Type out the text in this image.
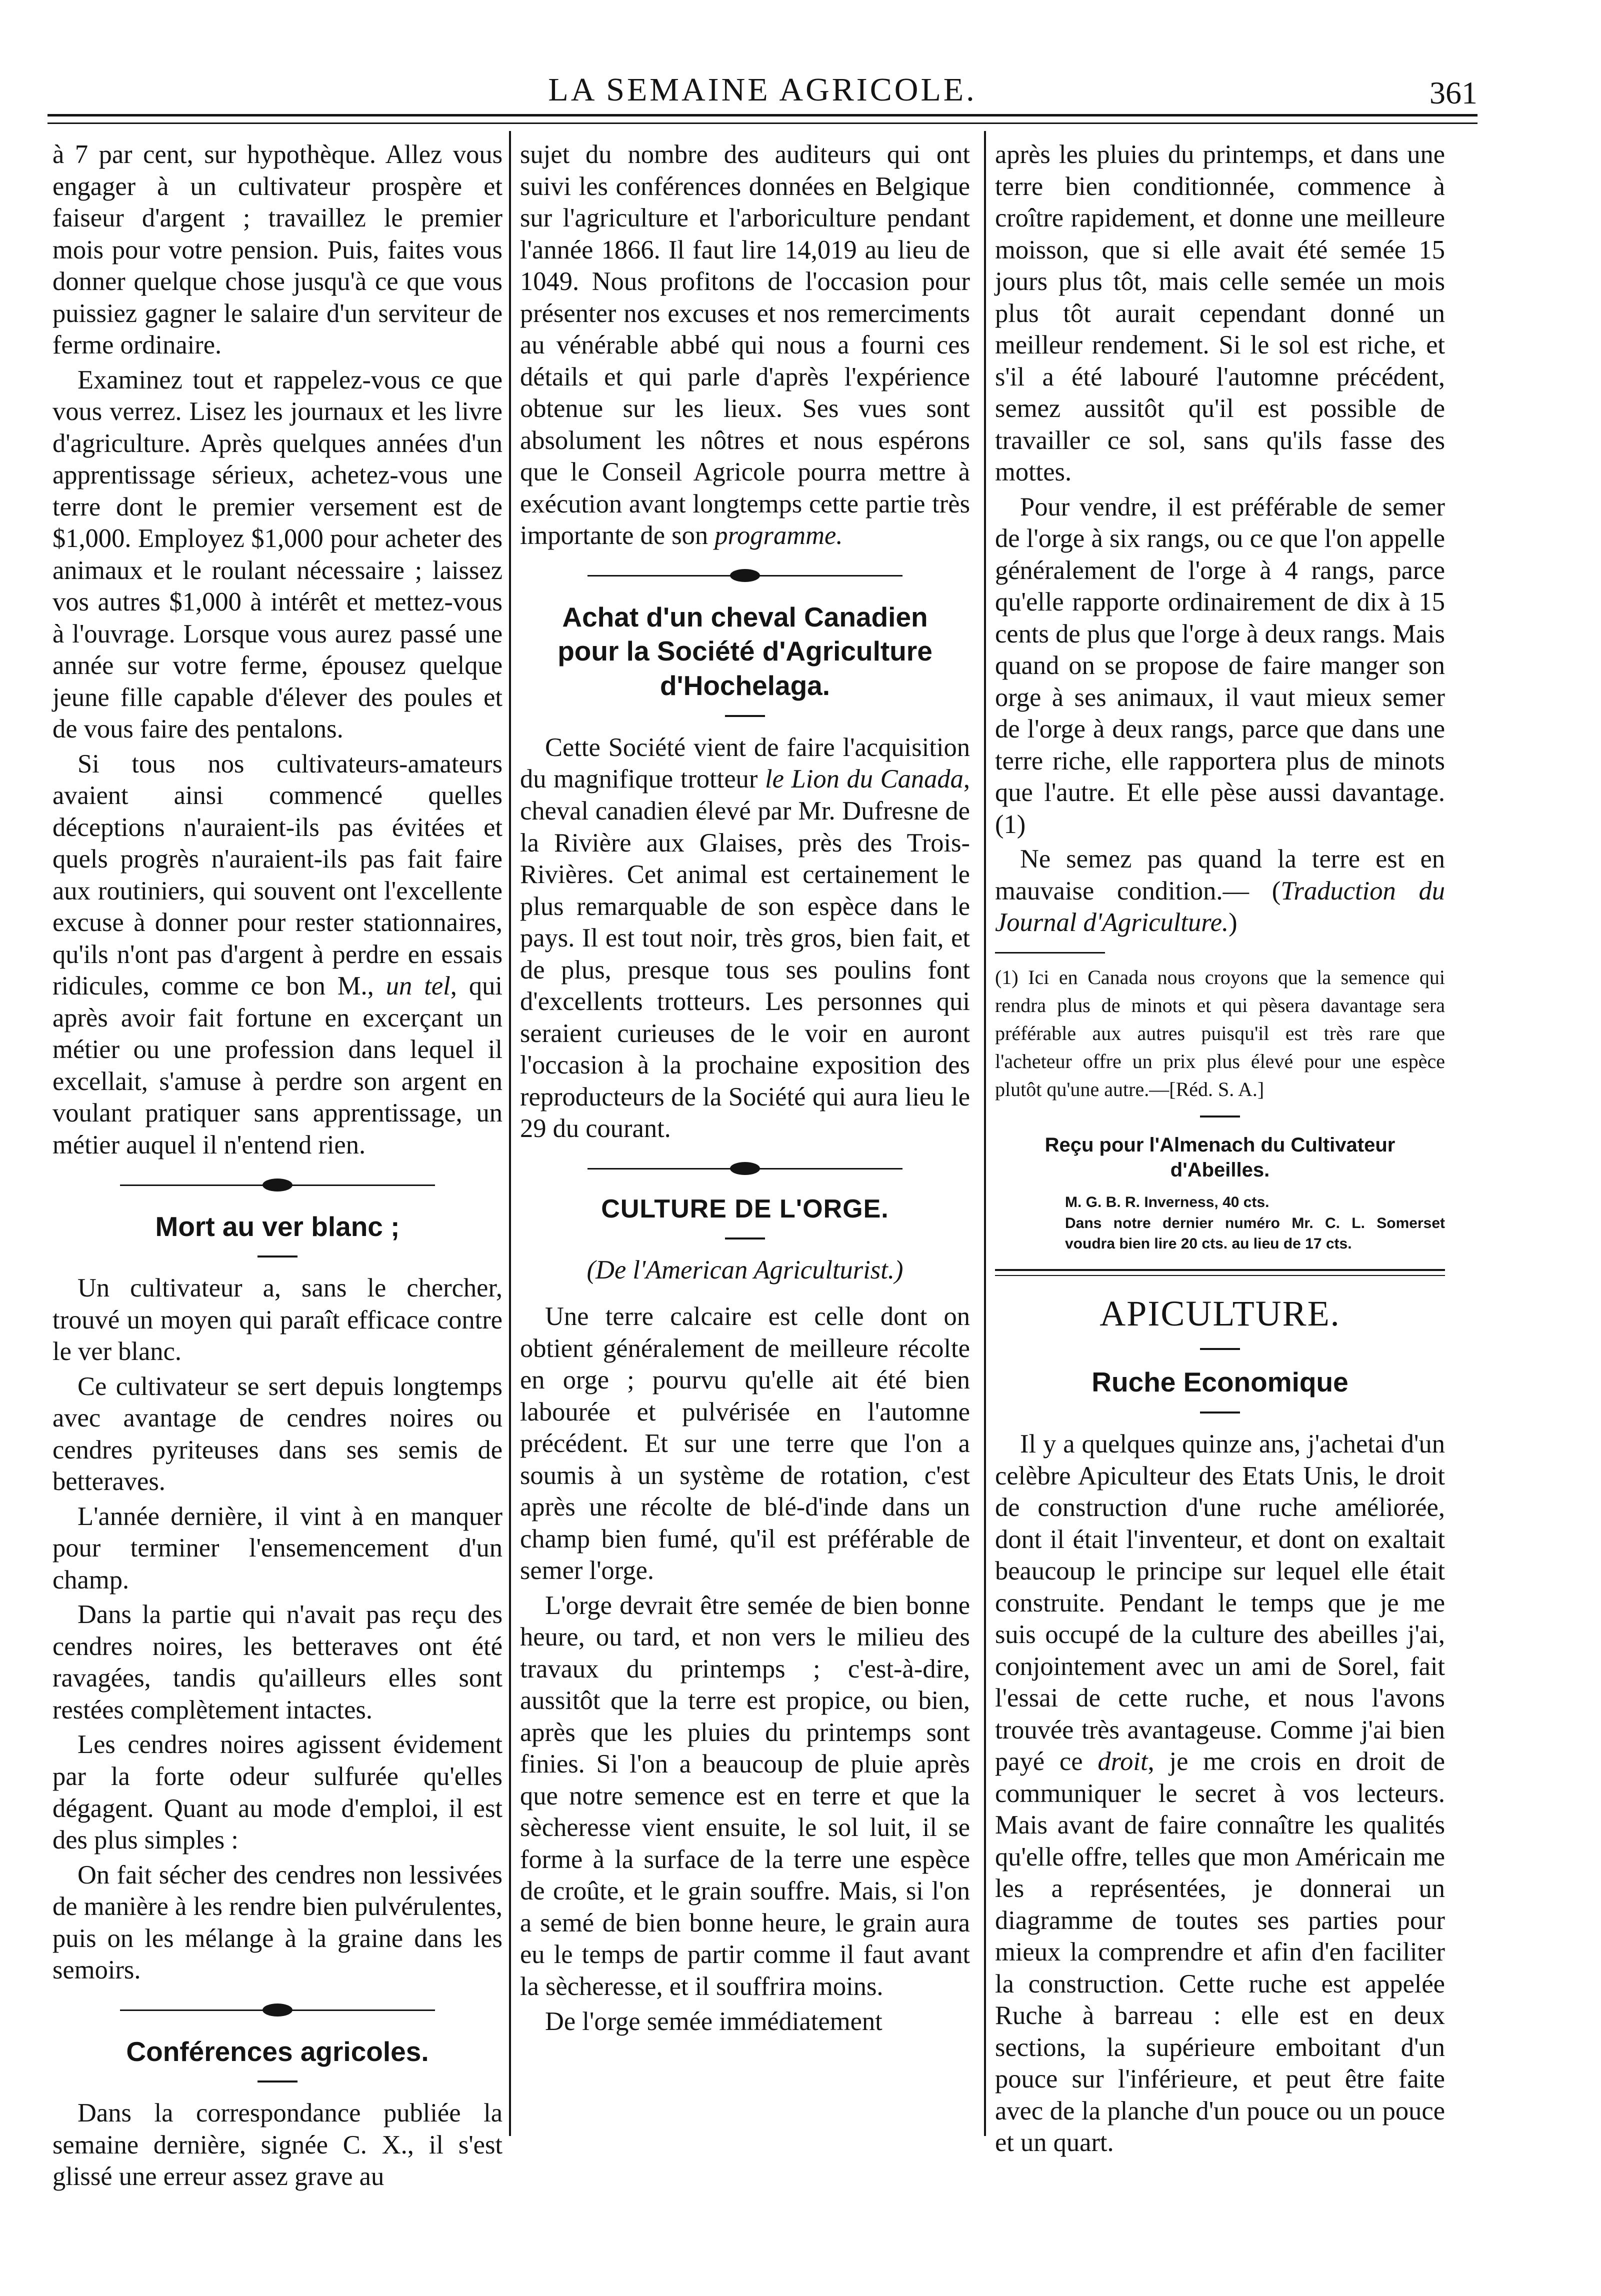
LA SEMAINE AGRICOLE.	361

à 7 par cent, sur hypothèque. Allez vous engager à un cultivateur prospère et faiseur d'argent ; travaillez le premier mois pour votre pension. Puis, faites vous donner quelque chose jusqu'à ce que vous puissiez gagner le salaire d'un serviteur de ferme ordinaire.

Examinez tout et rappelez-vous ce que vous verrez. Lisez les journaux et les livre d'agriculture. Après quelques années d'un apprentissage sérieux, achetez-vous une terre dont le premier versement est de $1,000. Employez $1,000 pour acheter des animaux et le roulant nécessaire ; laissez vos autres $1,000 à intérêt et mettez-vous à l'ouvrage. Lorsque vous aurez passé une année sur votre ferme, épousez quelque jeune fille capable d'élever des poules et de vous faire des pentalons.

Si tous nos cultivateurs-amateurs avaient ainsi commencé quelles déceptions n'auraient-ils pas évitées et quels progrès n'auraient-ils pas fait faire aux routiniers, qui souvent ont l'excellente excuse à donner pour rester stationnaires, qu'ils n'ont pas d'argent à perdre en essais ridicules, comme ce bon M., un tel, qui après avoir fait fortune en excerçant un métier ou une profession dans lequel il excellait, s'amuse à perdre son argent en voulant pratiquer sans apprentissage, un métier auquel il n'entend rien.

Mort au ver blanc ;

Un cultivateur a, sans le chercher, trouvé un moyen qui paraît efficace contre le ver blanc.

Ce cultivateur se sert depuis longtemps avec avantage de cendres noires ou cendres pyriteuses dans ses semis de betteraves.

L'année dernière, il vint à en manquer pour terminer l'ensemencement d'un champ.

Dans la partie qui n'avait pas reçu des cendres noires, les betteraves ont été ravagées, tandis qu'ailleurs elles sont restées complètement intactes.

Les cendres noires agissent évidement par la forte odeur sulfurée qu'elles dégagent. Quant au mode d'emploi, il est des plus simples :

On fait sécher des cendres non lessivées de manière à les rendre bien pulvérulentes, puis on les mélange à la graine dans les semoirs.

Conférences agricoles.

Dans la correspondance publiée la semaine dernière, signée C. X., il s'est glissé une erreur assez grave au

sujet du nombre des auditeurs qui ont suivi les conférences données en Belgique sur l'agriculture et l'arboriculture pendant l'année 1866. Il faut lire 14,019 au lieu de 1049. Nous profitons de l'occasion pour présenter nos excuses et nos remerciments au vénérable abbé qui nous a fourni ces détails et qui parle d'après l'expérience obtenue sur les lieux. Ses vues sont absolument les nôtres et nous espérons que le Conseil Agricole pourra mettre à exécution avant longtemps cette partie très importante de son programme.

Achat d'un cheval Canadien pour la Société d'Agriculture d'Hochelaga.

Cette Société vient de faire l'acquisition du magnifique trotteur le Lion du Canada, cheval canadien élevé par Mr. Dufresne de la Rivière aux Glaises, près des Trois-Rivières. Cet animal est certainement le plus remarquable de son espèce dans le pays. Il est tout noir, très gros, bien fait, et de plus, presque tous ses poulins font d'excellents trotteurs. Les personnes qui seraient curieuses de le voir en auront l'occasion à la prochaine exposition des reproducteurs de la Société qui aura lieu le 29 du courant.

CULTURE DE L'ORGE.
(De l'American Agriculturist.)

Une terre calcaire est celle dont on obtient généralement de meilleure récolte en orge ; pourvu qu'elle ait été bien labourée et pulvérisée en l'automne précédent. Et sur une terre que l'on a soumis à un système de rotation, c'est après une récolte de blé-d'inde dans un champ bien fumé, qu'il est préférable de semer l'orge.

L'orge devrait être semée de bien bonne heure, ou tard, et non vers le milieu des travaux du printemps ; c'est-à-dire, aussitôt que la terre est propice, ou bien, après que les pluies du printemps sont finies. Si l'on a beaucoup de pluie après que notre semence est en terre et que la sècheresse vient ensuite, le sol luit, il se forme à la surface de la terre une espèce de croûte, et le grain souffre. Mais, si l'on a semé de bien bonne heure, le grain aura eu le temps de partir comme il faut avant la sècheresse, et il souffrira moins.

De l'orge semée immédiatement

après les pluies du printemps, et dans une terre bien conditionnée, commence à croître rapidement, et donne une meilleure moisson, que si elle avait été semée 15 jours plus tôt, mais celle semée un mois plus tôt aurait cependant donné un meilleur rendement. Si le sol est riche, et s'il a été labouré l'automne précédent, semez aussitôt qu'il est possible de travailler ce sol, sans qu'ils fasse des mottes.

Pour vendre, il est préférable de semer de l'orge à six rangs, ou ce que l'on appelle généralement de l'orge à 4 rangs, parce qu'elle rapporte ordinairement de dix à 15 cents de plus que l'orge à deux rangs. Mais quand on se propose de faire manger son orge à ses animaux, il vaut mieux semer de l'orge à deux rangs, parce que dans une terre riche, elle rapportera plus de minots que l'autre. Et elle pèse aussi davantage. (1)

Ne semez pas quand la terre est en mauvaise condition.— (Traduction du Journal d'Agriculture.)

(1) Ici en Canada nous croyons que la semence qui rendra plus de minots et qui pèsera davantage sera préférable aux autres puisqu'il est très rare que l'acheteur offre un prix plus élevé pour une espèce plutôt qu'une autre.—[Réd. S. A.]
Reçu pour l'Almenach du Cultivateur d'Abeilles.
M. G. B. R. Inverness, 40 cts.
Dans notre dernier numéro Mr. C. L. Somerset voudra bien lire 20 cts. au lieu de 17 cts.
APICULTURE.
Ruche Economique

Il y a quelques quinze ans, j'achetai d'un celèbre Apiculteur des Etats Unis, le droit de construction d'une ruche améliorée, dont il était l'inventeur, et dont on exaltait beaucoup le principe sur lequel elle était construite. Pendant le temps que je me suis occupé de la culture des abeilles j'ai, conjointement avec un ami de Sorel, fait l'essai de cette ruche, et nous l'avons trouvée très avantageuse. Comme j'ai bien payé ce droit, je me crois en droit de communiquer le secret à vos lecteurs. Mais avant de faire connaître les qualités qu'elle offre, telles que mon Américain me les a représentées, je donnerai un diagramme de toutes ses parties pour mieux la comprendre et afin d'en faciliter la construction. Cette ruche est appelée Ruche à barreau : elle est en deux sections, la supérieure emboitant d'un pouce sur l'inférieure, et peut être faite avec de la planche d'un pouce ou un pouce et un quart.
